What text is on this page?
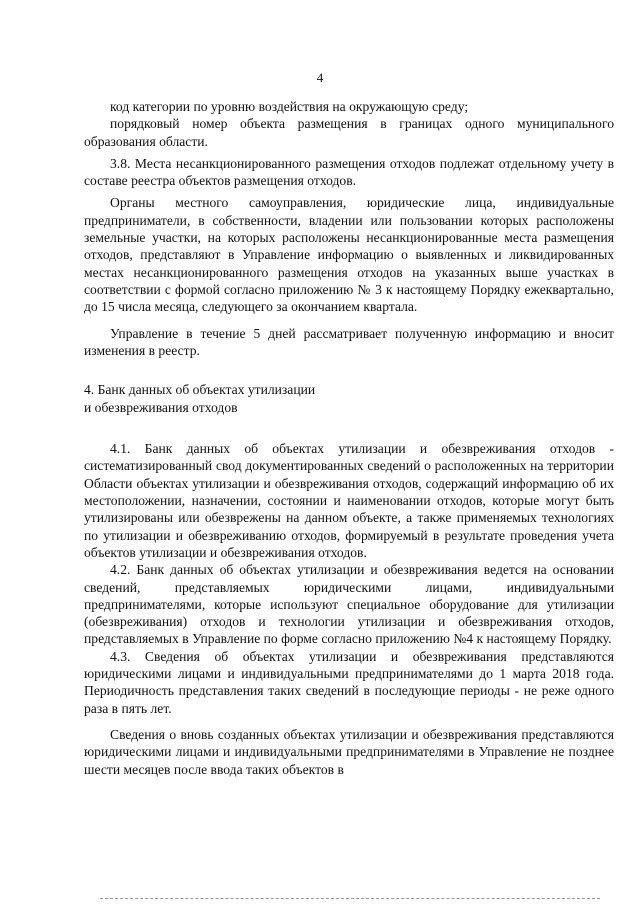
4

код категории по уровню воздействия на окружающую среду;

порядковый номер объекта размещения в границах одного муниципального образования области.

3.8. Места несанкционированного размещения отходов подлежат отдельному учету в составе реестра объектов размещения отходов.

Органы местного самоуправления, юридические лица, индивидуальные предприниматели, в собственности, владении или пользовании которых расположены земельные участки, на которых расположены несанкционированные места размещения отходов, представляют в Управление информацию о выявленных и ликвидированных местах несанкционированного размещения отходов на указанных выше участках в соответствии с формой согласно приложению № 3 к настоящему Порядку ежеквартально, до 15 числа месяца, следующего за окончанием квартала.

Управление в течение 5 дней рассматривает полученную информацию и вносит изменения в реестр.

4. Банк данных об объектах утилизации
и обезвреживания отходов

4.1. Банк данных об объектах утилизации и обезвреживания отходов - систематизированный свод документированных сведений о расположенных на территории Области объектах утилизации и обезвреживания отходов, содержащий информацию об их местоположении, назначении, состоянии и наименовании отходов, которые могут быть утилизированы или обезврежены на данном объекте, а также применяемых технологиях по утилизации и обезвреживанию отходов, формируемый в результате проведения учета объектов утилизации и обезвреживания отходов.

4.2. Банк данных об объектах утилизации и обезвреживания ведется на основании сведений, представляемых юридическими лицами, индивидуальными предпринимателями, которые используют специальное оборудование для утилизации (обезвреживания) отходов и технологии утилизации и обезвреживания отходов, представляемых в Управление по форме согласно приложению №4 к настоящему Порядку.

4.3. Сведения об объектах утилизации и обезвреживания представляются юридическими лицами и индивидуальными предпринимателями до 1 марта 2018 года. Периодичность представления таких сведений в последующие периоды - не реже одного раза в пять лет.

Сведения о вновь созданных объектах утилизации и обезвреживания представляются юридическими лицами и индивидуальными предпринимателями в Управление не позднее шести месяцев после ввода таких объектов в
